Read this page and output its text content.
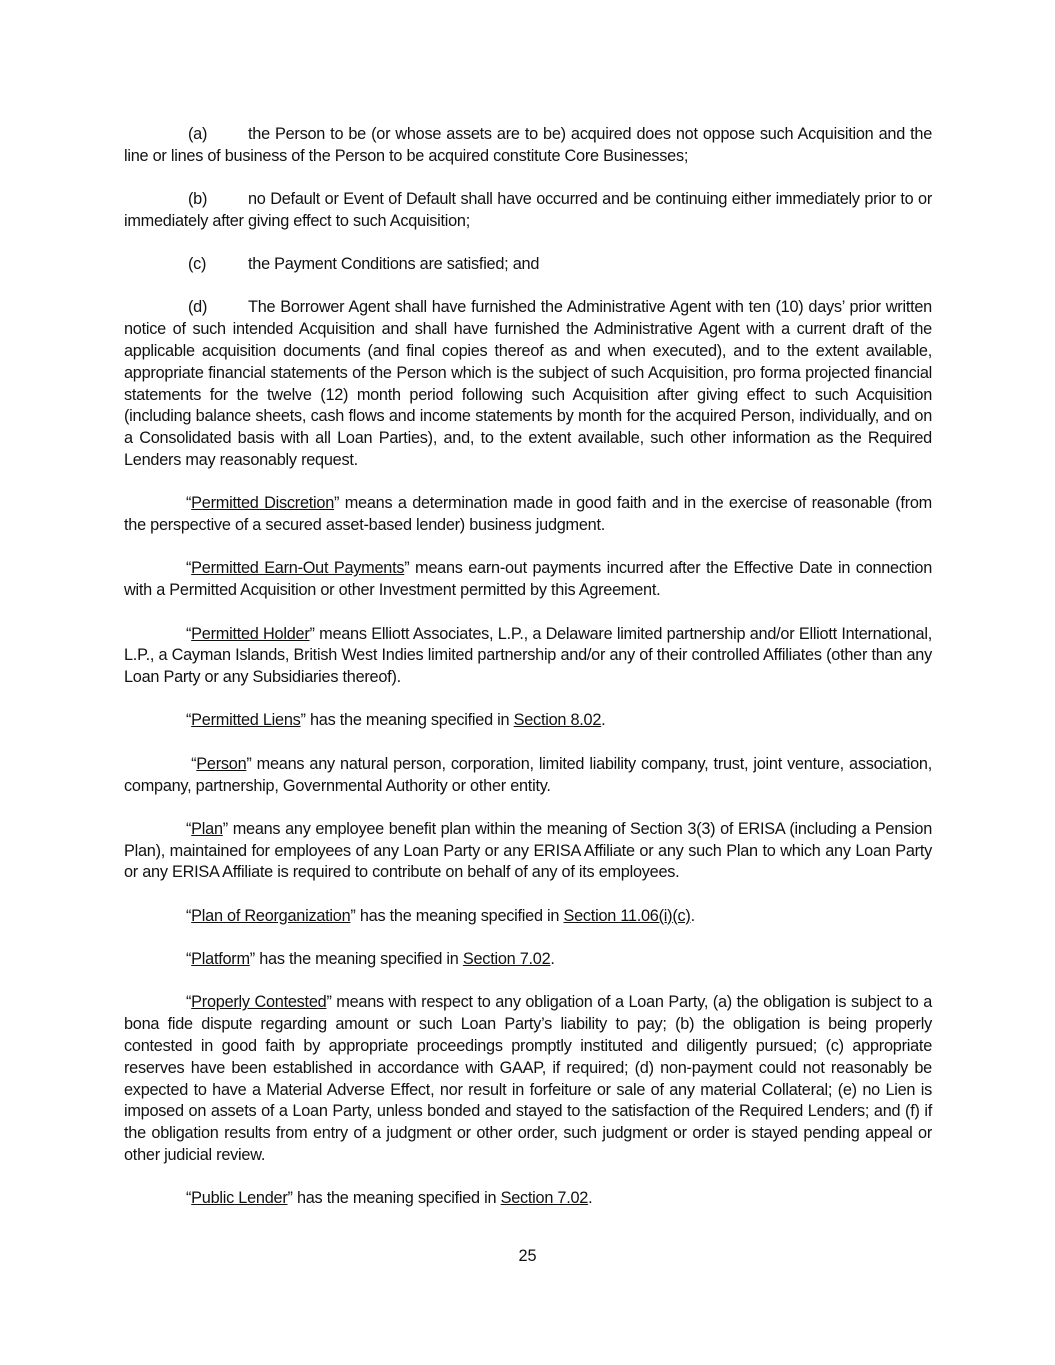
(a)	the Person to be (or whose assets are to be) acquired does not oppose such Acquisition and the line or lines of business of the Person to be acquired constitute Core Businesses;

(b)	no Default or Event of Default shall have occurred and be continuing either immediately prior to or immediately after giving effect to such Acquisition;

(c)	the Payment Conditions are satisfied; and

(d)	The Borrower Agent shall have furnished the Administrative Agent with ten (10) days’ prior written notice of such intended Acquisition and shall have furnished the Administrative Agent with a current draft of the applicable acquisition documents (and final copies thereof as and when executed), and to the extent available, appropriate financial statements of the Person which is the subject of such Acquisition, pro forma projected financial statements for the twelve (12) month period following such Acquisition after giving effect to such Acquisition (including balance sheets, cash flows and income statements by month for the acquired Person, individually, and on a Consolidated basis with all Loan Parties), and, to the extent available, such other information as the Required Lenders may reasonably request.

“Permitted Discretion” means a determination made in good faith and in the exercise of reasonable (from the perspective of a secured asset-based lender) business judgment.

“Permitted Earn-Out Payments” means earn-out payments incurred after the Effective Date in connection with a Permitted Acquisition or other Investment permitted by this Agreement.

“Permitted Holder” means Elliott Associates, L.P., a Delaware limited partnership and/or Elliott International, L.P., a Cayman Islands, British West Indies limited partnership and/or any of their controlled Affiliates (other than any Loan Party or any Subsidiaries thereof).

“Permitted Liens” has the meaning specified in Section 8.02.

“Person” means any natural person, corporation, limited liability company, trust, joint venture, association, company, partnership, Governmental Authority or other entity.

“Plan” means any employee benefit plan within the meaning of Section 3(3) of ERISA (including a Pension Plan), maintained for employees of any Loan Party or any ERISA Affiliate or any such Plan to which any Loan Party or any ERISA Affiliate is required to contribute on behalf of any of its employees.

“Plan of Reorganization” has the meaning specified in Section 11.06(i)(c).

“Platform” has the meaning specified in Section 7.02.

“Properly Contested” means with respect to any obligation of a Loan Party, (a) the obligation is subject to a bona fide dispute regarding amount or such Loan Party’s liability to pay; (b) the obligation is being properly contested in good faith by appropriate proceedings promptly instituted and diligently pursued; (c) appropriate reserves have been established in accordance with GAAP, if required; (d) non-payment could not reasonably be expected to have a Material Adverse Effect, nor result in forfeiture or sale of any material Collateral; (e) no Lien is imposed on assets of a Loan Party, unless bonded and stayed to the satisfaction of the Required Lenders; and (f) if the obligation results from entry of a judgment or other order, such judgment or order is stayed pending appeal or other judicial review.

“Public Lender” has the meaning specified in Section 7.02.

25
